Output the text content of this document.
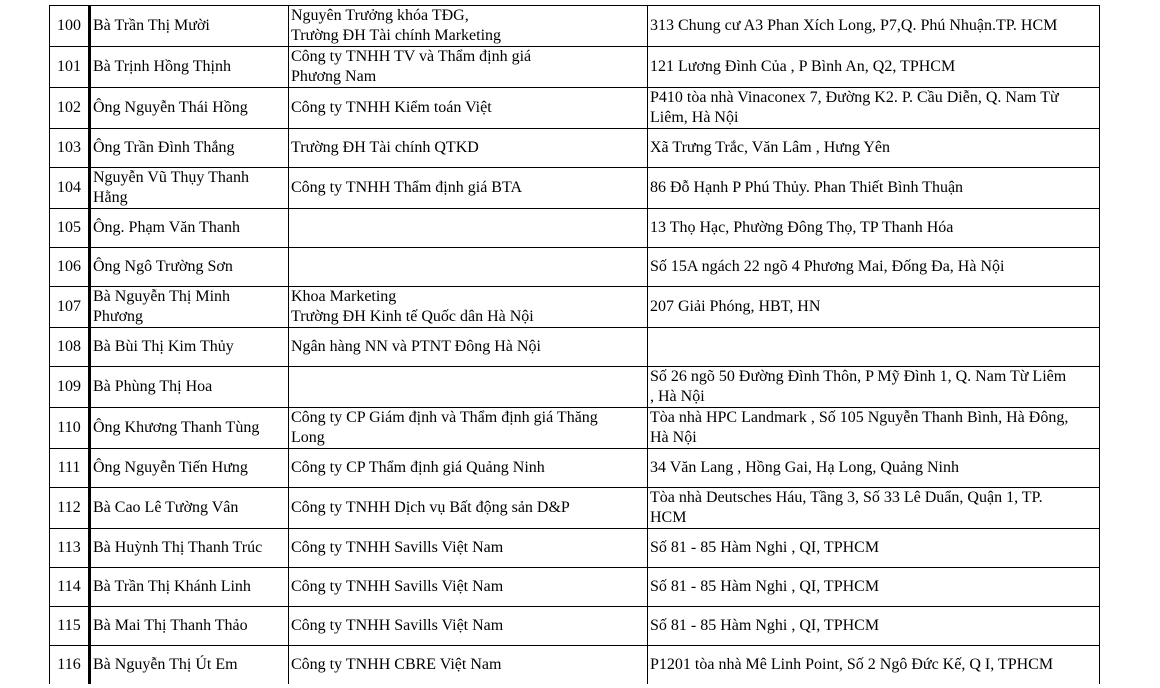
100	Bà Trần Thị Mười	Nguyên Trưởng khóa TĐG,
Trường ĐH Tài chính Marketing	313 Chung cư A3 Phan Xích Long, P7,Q. Phú Nhuận.TP. HCM

101	Bà Trịnh Hồng Thịnh	Công ty TNHH TV và Thẩm định giá
Phương Nam	121 Lương Đình Của , P Bình An, Q2, TPHCM

102	Ông Nguyễn Thái Hồng	Công ty TNHH Kiểm toán Việt	P410 tòa nhà Vinaconex 7, Đường K2. P. Cầu Diễn, Q. Nam Từ
Liêm, Hà Nội

103	Ông Trần Đình Thắng	Trường ĐH Tài chính QTKD	Xã Trưng Trắc, Văn Lâm , Hưng Yên

104	Nguyễn Vũ Thụy Thanh Hằng	Công ty TNHH Thẩm định giá BTA	86 Đỗ Hạnh P Phú Thủy. Phan Thiết Bình Thuận

105	Ông. Phạm Văn Thanh		13 Thọ Hạc, Phường Đông Thọ, TP Thanh Hóa

106	Ông Ngô Trường Sơn		Số 15A ngách 22 ngõ 4 Phương Mai, Đống Đa, Hà Nội

107	Bà Nguyễn Thị Minh
Phương	Khoa Marketing
Trường ĐH Kinh tế Quốc dân Hà Nội	207 Giải Phóng, HBT, HN

108	Bà Bùi Thị Kim Thủy	Ngân hàng NN và PTNT Đông Hà Nội	

109	Bà Phùng Thị Hoa		Số 26 ngõ 50 Đường Đình Thôn, P Mỹ Đình 1, Q. Nam Từ Liêm
, Hà Nội

110	Ông Khương Thanh Tùng	Công ty CP Giám định và Thẩm định giá Thăng
Long	Tòa nhà HPC Landmark , Số 105 Nguyễn Thanh Bình, Hà Đông,
Hà Nội

111	Ông Nguyễn Tiến Hưng	Công ty CP Thẩm định giá Quảng Ninh	34 Văn Lang , Hồng Gai, Hạ Long, Quảng Ninh

112	Bà Cao Lê Tường Vân	Công ty TNHH Dịch vụ Bất động sản D&P	Tòa nhà Deutsches Háu, Tầng 3, Số 33 Lê Duẩn, Quận 1, TP.
HCM

113	Bà Huỳnh Thị Thanh Trúc	Công ty TNHH Savills Việt Nam	Số 81 - 85 Hàm Nghi , QI, TPHCM

114	Bà Trần Thị Khánh Linh	Công ty TNHH Savills Việt Nam	Số 81 - 85 Hàm Nghi , QI, TPHCM

115	Bà Mai Thị Thanh Thảo	Công ty TNHH Savills Việt Nam	Số 81 - 85 Hàm Nghi , QI, TPHCM

116	Bà Nguyễn Thị Út Em	Công ty TNHH CBRE Việt Nam	P1201 tòa nhà Mê Linh Point, Số 2 Ngô Đức Kế, Q I, TPHCM
